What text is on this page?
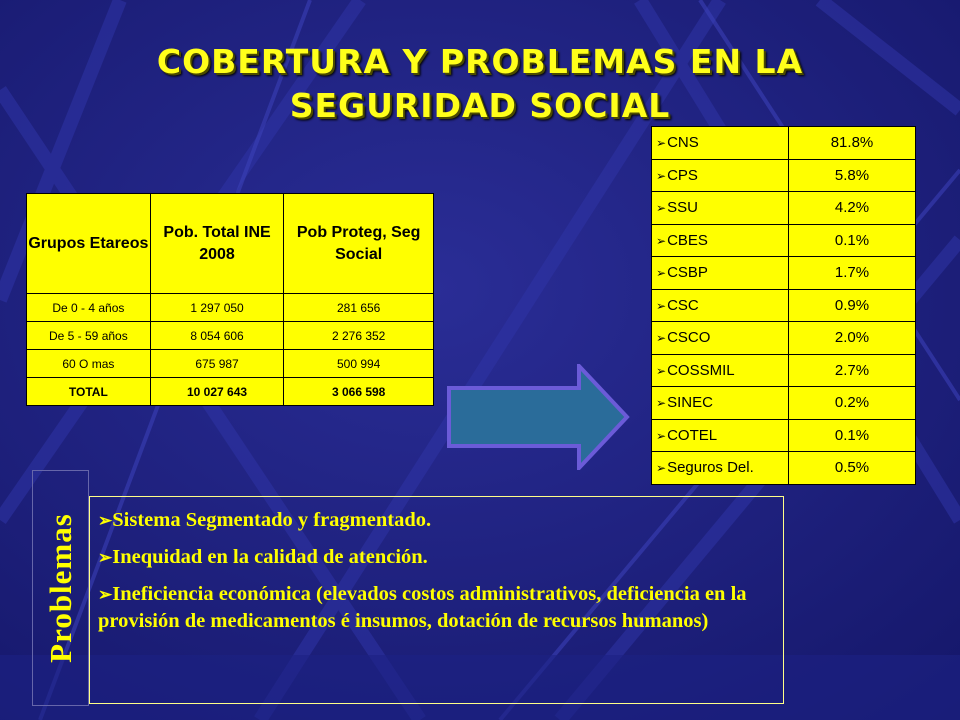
COBERTURA Y PROBLEMAS EN LA
SEGURIDAD SOCIAL
Grupos Etareos	Pob. Total INE 2008	Pob Proteg, Seg Social
De 0 - 4 años	1 297 050	281 656
De 5 - 59 años	8 054 606	2 276 352
60 O mas	675 987	500 994
TOTAL	10 027 643	3 066 598
➢CNS	81.8%
➢CPS	5.8%
➢SSU	4.2%
➢CBES	0.1%
➢CSBP	1.7%
➢CSC	0.9%
➢CSCO	2.0%
➢COSSMIL	2.7%
➢SINEC	0.2%
➢COTEL	0.1%
➢Seguros Del.	0.5%
Problemas ➢Sistema Segmentado y fragmentado.

➢Inequidad en la calidad de atención.

➢Ineficiencia económica (elevados costos administrativos, deficiencia en la provisión de medicamentos é insumos, dotación de recursos humanos)
